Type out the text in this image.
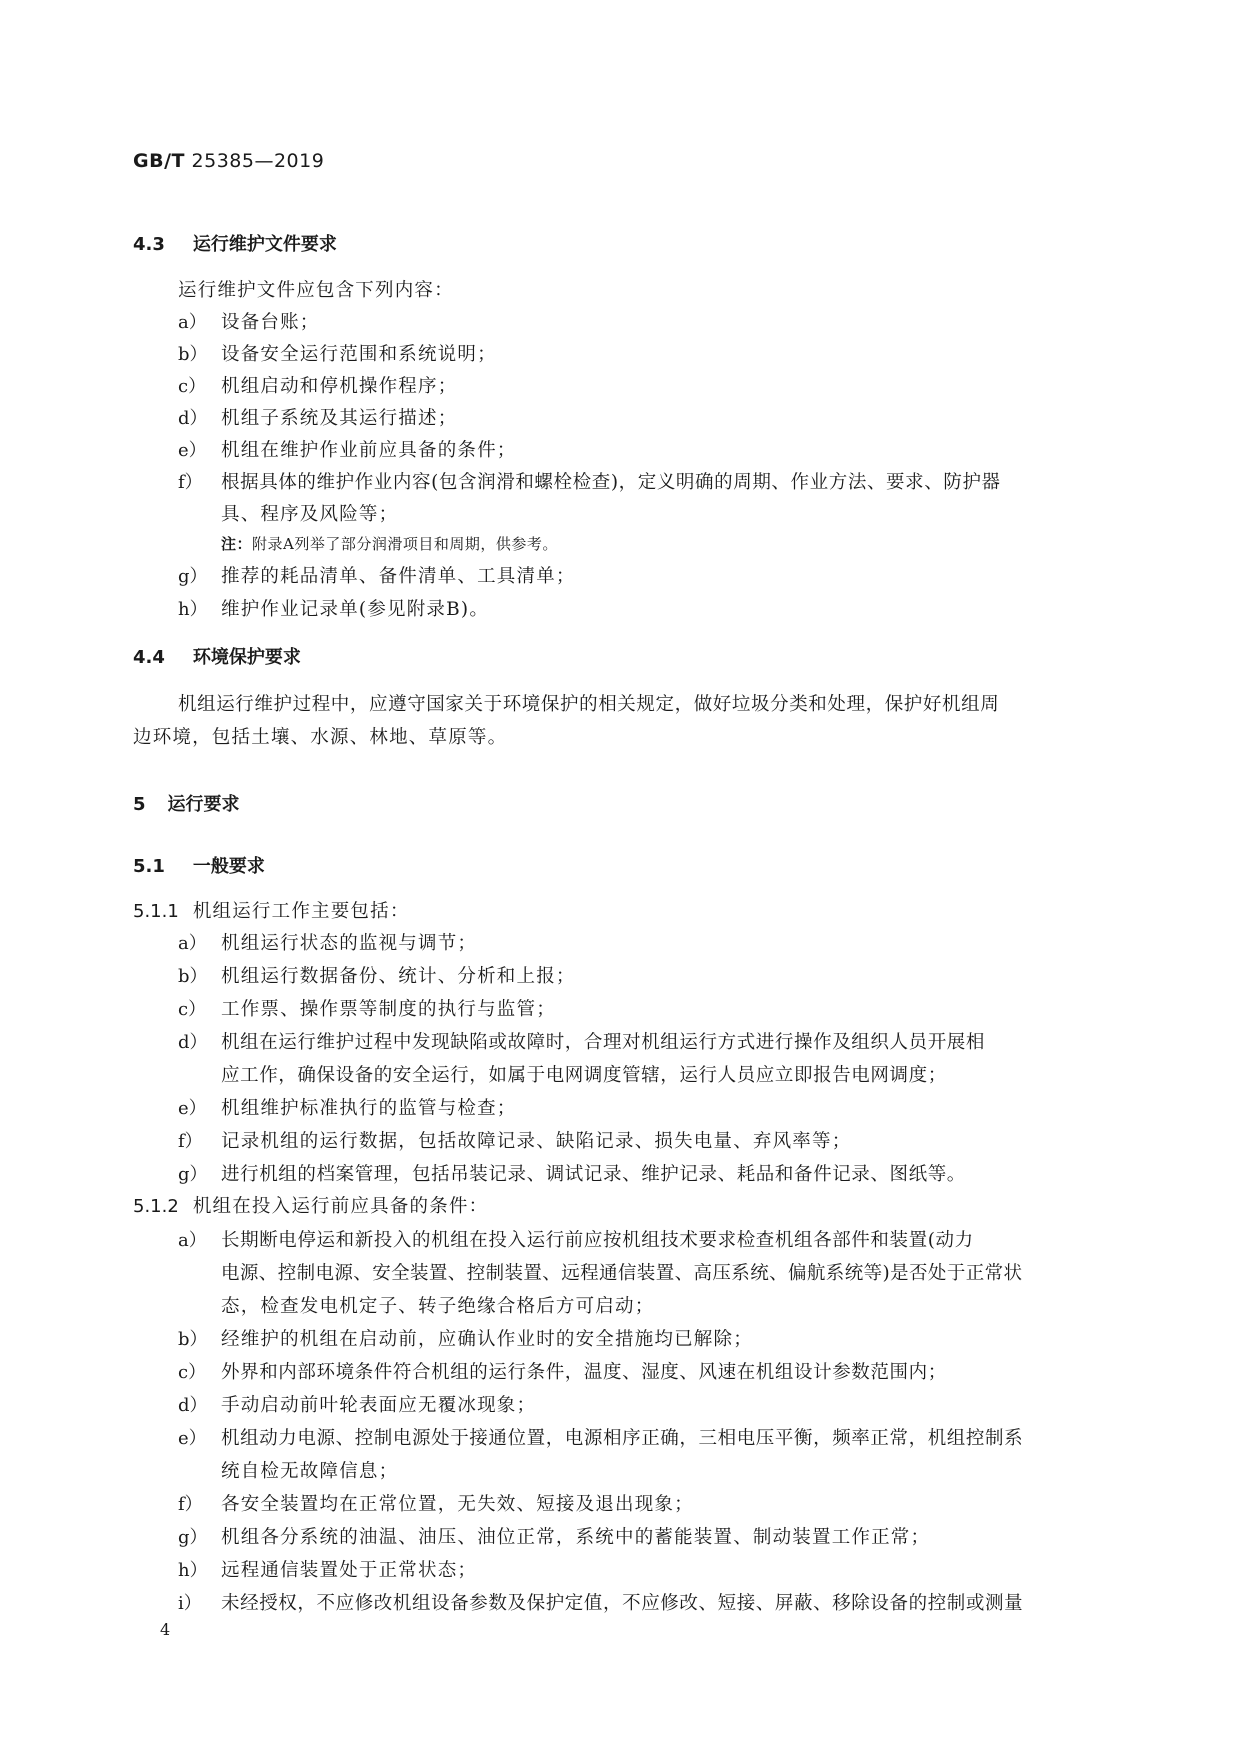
GB/T 25385—2019
4.3 运行维护文件要求
运行维护文件应包含下列内容：
a） 设备台账；
b） 设备安全运行范围和系统说明；
c） 机组启动和停机操作程序；
d） 机组子系统及其运行描述；
e） 机组在维护作业前应具备的条件；
f） 根据具体的维护作业内容(包含润滑和螺栓检查)，定义明确的周期、作业方法、要求、防护器
具、程序及风险等；
注：附录A列举了部分润滑项目和周期，供参考。
g） 推荐的耗品清单、备件清单、工具清单；
h） 维护作业记录单(参见附录B)。
4.4 环境保护要求
机组运行维护过程中，应遵守国家关于环境保护的相关规定，做好垃圾分类和处理，保护好机组周
边环境，包括土壤、水源、林地、草原等。
5 运行要求
5.1 一般要求
5.1.1 机组运行工作主要包括：
a） 机组运行状态的监视与调节；
b） 机组运行数据备份、统计、分析和上报；
c） 工作票、操作票等制度的执行与监管；
d） 机组在运行维护过程中发现缺陷或故障时，合理对机组运行方式进行操作及组织人员开展相
应工作，确保设备的安全运行，如属于电网调度管辖，运行人员应立即报告电网调度；
e） 机组维护标准执行的监管与检查；
f） 记录机组的运行数据，包括故障记录、缺陷记录、损失电量、弃风率等；
g） 进行机组的档案管理，包括吊装记录、调试记录、维护记录、耗品和备件记录、图纸等。
5.1.2 机组在投入运行前应具备的条件：
a） 长期断电停运和新投入的机组在投入运行前应按机组技术要求检查机组各部件和装置(动力
电源、控制电源、安全装置、控制装置、远程通信装置、高压系统、偏航系统等)是否处于正常状
态，检查发电机定子、转子绝缘合格后方可启动；
b） 经维护的机组在启动前，应确认作业时的安全措施均已解除；
c） 外界和内部环境条件符合机组的运行条件，温度、湿度、风速在机组设计参数范围内；
d） 手动启动前叶轮表面应无覆冰现象；
e） 机组动力电源、控制电源处于接通位置，电源相序正确，三相电压平衡，频率正常，机组控制系
统自检无故障信息；
f） 各安全装置均在正常位置，无失效、短接及退出现象；
g） 机组各分系统的油温、油压、油位正常，系统中的蓄能装置、制动装置工作正常；
h） 远程通信装置处于正常状态；
i） 未经授权，不应修改机组设备参数及保护定值，不应修改、短接、屏蔽、移除设备的控制或测量
4
